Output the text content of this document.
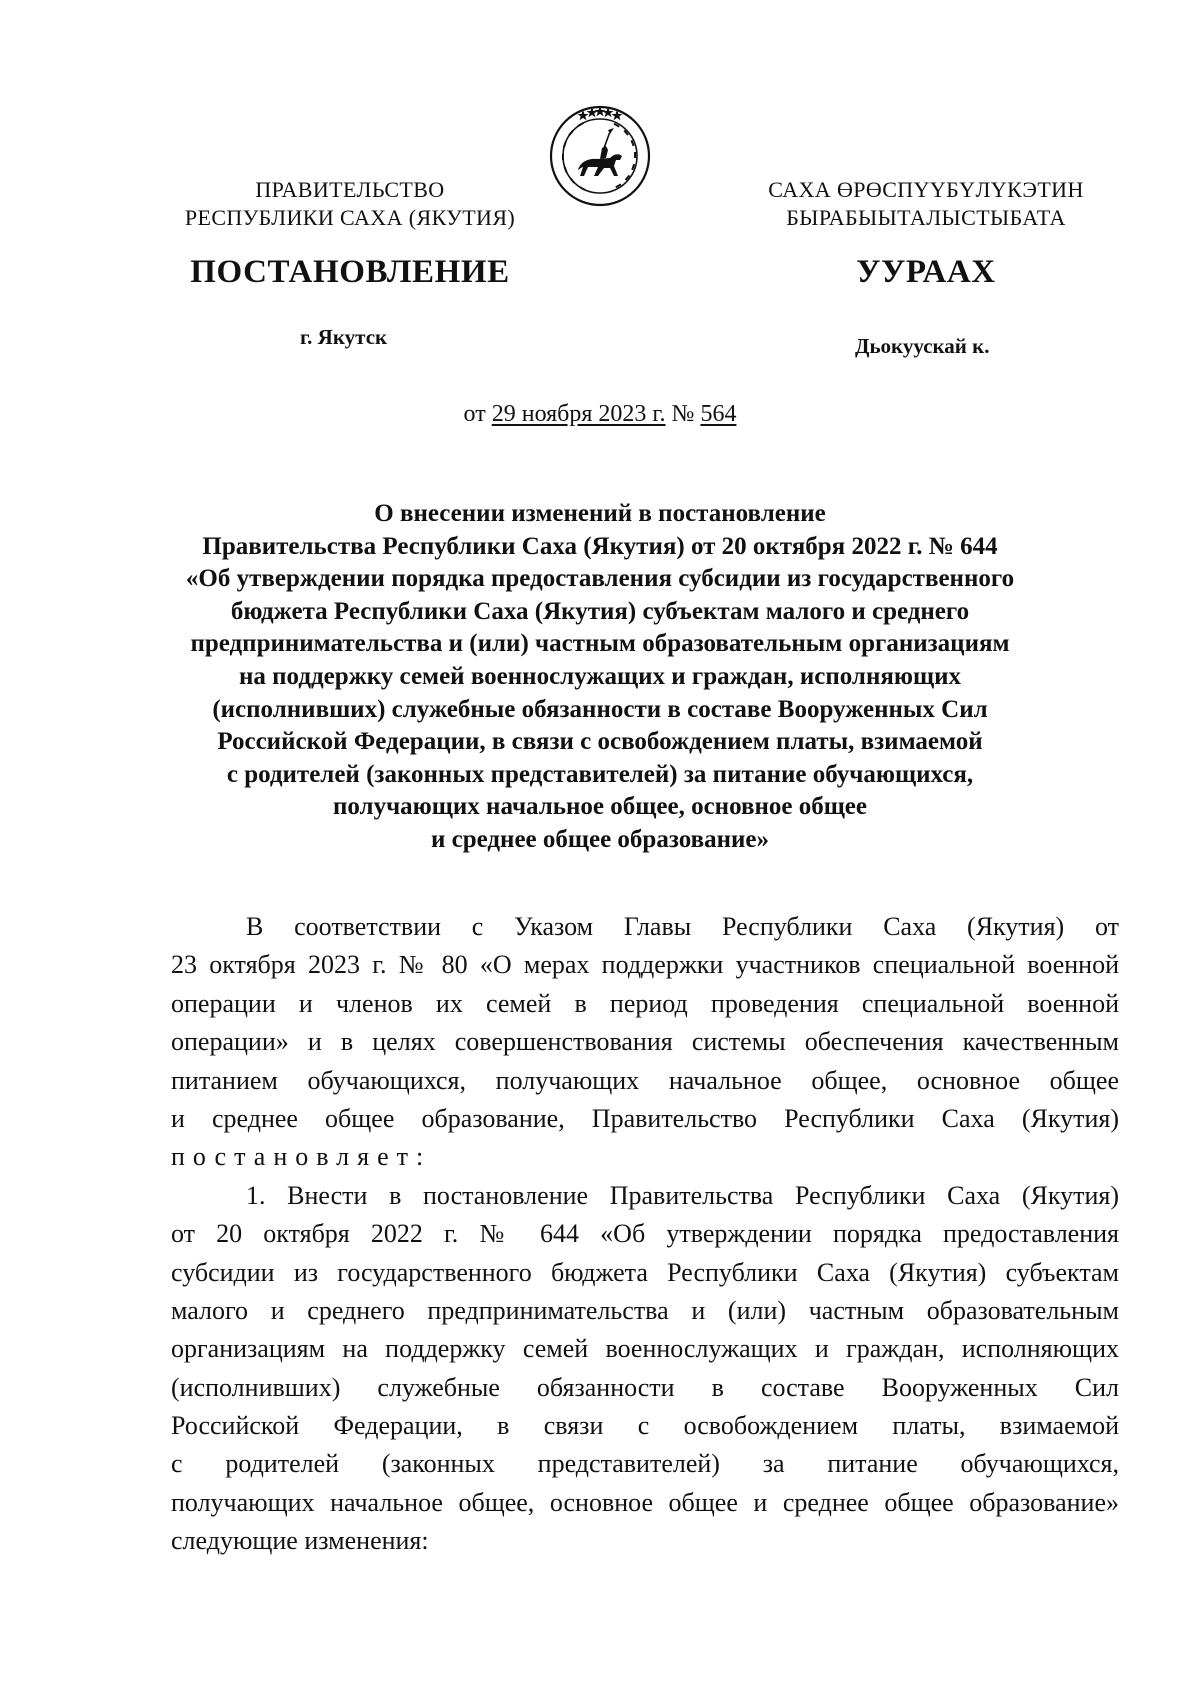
ПРАВИТЕЛЬСТВО
РЕСПУБЛИКИ САХА (ЯКУТИЯ)
САХА ӨРӨСПҮҮБҮЛҮКЭТИН
БЫРАБЫЫТАЛЫСТЫБАТА
ПОСТАНОВЛЕНИЕ	УУРААХ
г. Якутск	Дьокуускай к.
от 29 ноября 2023 г. № 564
О внесении изменений в постановление
Правительства Республики Саха (Якутия) от 20 октября 2022 г. № 644
«Об утверждении порядка предоставления субсидии из государственного
бюджета Республики Саха (Якутия) субъектам малого и среднего
предпринимательства и (или) частным образовательным организациям
на поддержку семей военнослужащих и граждан, исполняющих
(исполнивших) служебные обязанности в составе Вооруженных Сил
Российской Федерации, в связи с освобождением платы, взимаемой
с родителей (законных представителей) за питание обучающихся,
получающих начальное общее, основное общее
и среднее общее образование»
В соответствии с Указом Главы Республики Саха (Якутия) от
23 октября 2023 г. № 80 «О мерах поддержки участников специальной военной
операции и членов их семей в период проведения специальной военной
операции» и в целях совершенствования системы обеспечения качественным
питанием обучающихся, получающих начальное общее, основное общее
и среднее общее образование, Правительство Республики Саха (Якутия)
постановляет:
1. Внести в постановление Правительства Республики Саха (Якутия)
от 20 октября 2022 г. № 644 «Об утверждении порядка предоставления
субсидии из государственного бюджета Республики Саха (Якутия) субъектам
малого и среднего предпринимательства и (или) частным образовательным
организациям на поддержку семей военнослужащих и граждан, исполняющих
(исполнивших) служебные обязанности в составе Вооруженных Сил
Российской Федерации, в связи с освобождением платы, взимаемой
с родителей (законных представителей) за питание обучающихся,
получающих начальное общее, основное общее и среднее общее образование»
следующие изменения:
